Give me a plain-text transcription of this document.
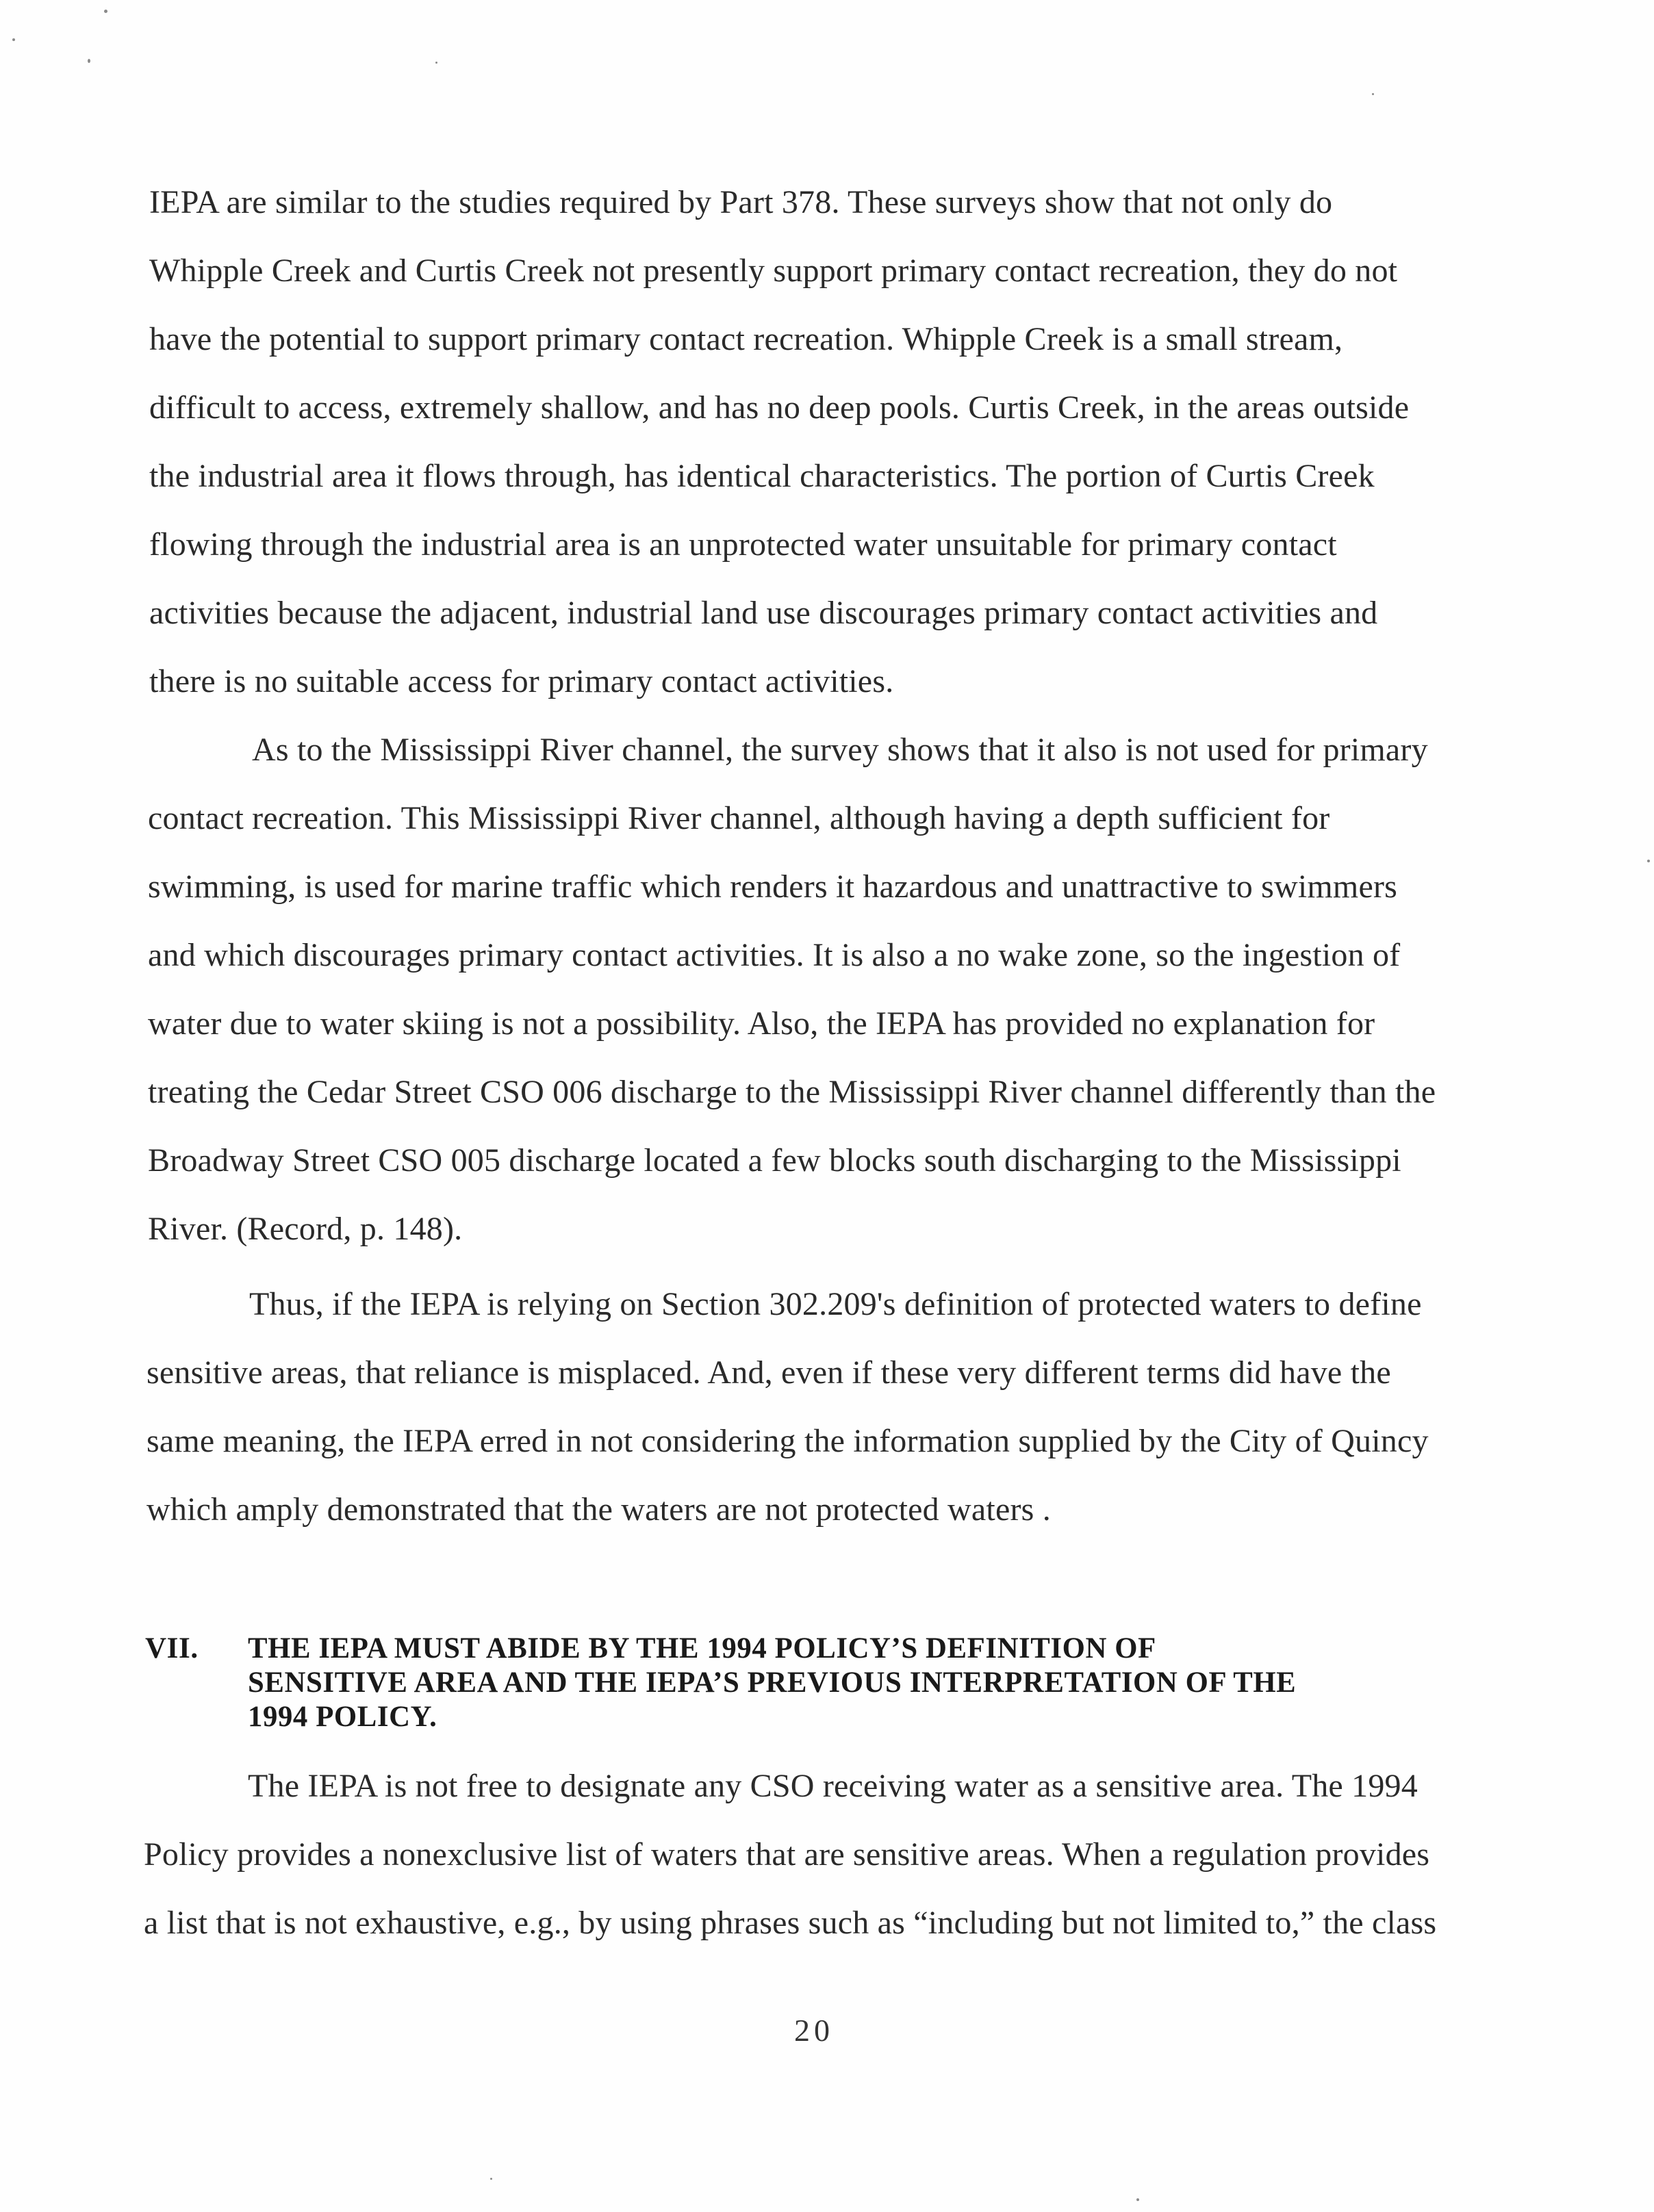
IEPA are similar to the studies required by Part 378. These surveys show that not only do
Whipple Creek and Curtis Creek not presently support primary contact recreation, they do not
have the potential to support primary contact recreation. Whipple Creek is a small stream,
difficult to access, extremely shallow, and has no deep pools. Curtis Creek, in the areas outside
the industrial area it flows through, has identical characteristics. The portion of Curtis Creek
flowing through the industrial area is an unprotected water unsuitable for primary contact
activities because the adjacent, industrial land use discourages primary contact activities and
there is no suitable access for primary contact activities.
As to the Mississippi River channel, the survey shows that it also is not used for primary
contact recreation. This Mississippi River channel, although having a depth sufficient for
swimming, is used for marine traffic which renders it hazardous and unattractive to swimmers
and which discourages primary contact activities. It is also a no wake zone, so the ingestion of
water due to water skiing is not a possibility. Also, the IEPA has provided no explanation for
treating the Cedar Street CSO 006 discharge to the Mississippi River channel differently than the
Broadway Street CSO 005 discharge located a few blocks south discharging to the Mississippi
River. (Record, p. 148).
Thus, if the IEPA is relying on Section 302.209's definition of protected waters to define
sensitive areas, that reliance is misplaced. And, even if these very different terms did have the
same meaning, the IEPA erred in not considering the information supplied by the City of Quincy
which amply demonstrated that the waters are not protected waters .
VII. THE IEPA MUST ABIDE BY THE 1994 POLICY’S DEFINITION OF
SENSITIVE AREA AND THE IEPA’S PREVIOUS INTERPRETATION OF THE
1994 POLICY.
The IEPA is not free to designate any CSO receiving water as a sensitive area. The 1994
Policy provides a nonexclusive list of waters that are sensitive areas. When a regulation provides
a list that is not exhaustive, e.g., by using phrases such as “including but not limited to,” the class
20
